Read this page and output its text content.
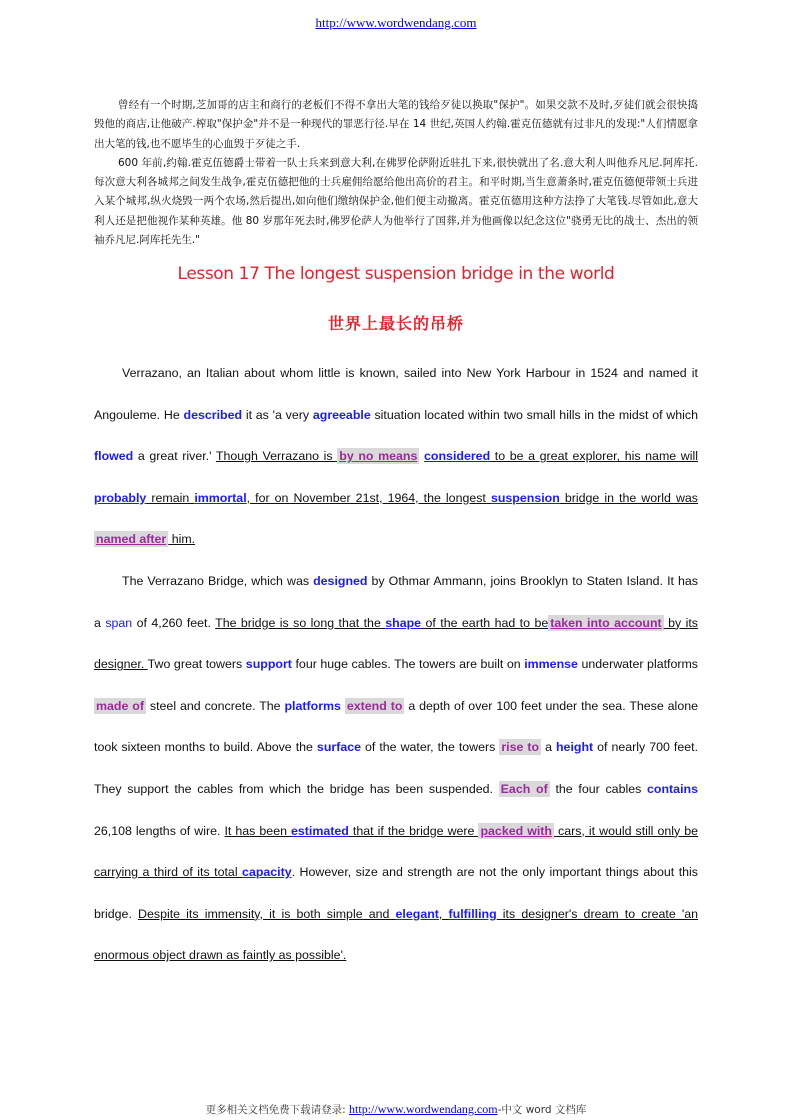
http://www.wordwendang.com

曾经有一个时期,芝加哥的店主和商行的老板们不得不拿出大笔的钱给歹徒以换取"保护"。如果交款不及时,歹徒们就会很快捣毁他的商店,让他破产.榨取"保护金"并不是一种现代的罪恶行径.早在 14 世纪,英国人约翰.霍克伍德就有过非凡的发现:"人们情愿拿出大笔的钱,也不愿毕生的心血毁于歹徒之手.

600 年前,约翰.霍克伍德爵士带着一队士兵来到意大利,在佛罗伦萨附近驻扎下来,很快就出了名.意大利人叫他乔凡尼.阿库托.每次意大利各城邦之间发生战争,霍克伍德把他的士兵雇佣给愿给他出高价的君主。和平时期,当生意萧条时,霍克伍德便带领士兵进入某个城邦,纵火烧毁一两个农场,然后提出,如向他们缴纳保护金,他们便主动撤离。霍克伍德用这种方法挣了大笔钱.尽管如此,意大利人还是把他视作某种英雄。他 80 岁那年死去时,佛罗伦萨人为他举行了国葬,并为他画像以纪念这位"骁勇无比的战士、杰出的领袖乔凡尼.阿库托先生."

Lesson 17 The longest suspension bridge in the world
世界上最长的吊桥

Verrazano, an Italian about whom little is known, sailed into New York Harbour in 1524 and named it Angouleme. He described it as 'a very agreeable situation located within two small hills in the midst of which flowed a great river.' Though Verrazano is by no means considered to be a great explorer, his name will probably remain immortal, for on November 21st, 1964, the longest suspension bridge in the world was named after him.

The Verrazano Bridge, which was designed by Othmar Ammann, joins Brooklyn to Staten Island. It has a span of 4,260 feet. The bridge is so long that the shape of the earth had to be taken into account by its designer. Two great towers support four huge cables. The towers are built on immense underwater platforms made of steel and concrete. The platforms extend to a depth of over 100 feet under the sea. These alone took sixteen months to build. Above the surface of the water, the towers rise to a height of nearly 700 feet. They support the cables from which the bridge has been suspended. Each of the four cables contains 26,108 lengths of wire. It has been estimated that if the bridge were packed with cars, it would still only be carrying a third of its total capacity. However, size and strength are not the only important things about this bridge. Despite its immensity, it is both simple and elegant, fulfilling its designer's dream to create 'an enormous object drawn as faintly as possible'.

更多相关文档免费下载请登录: http://www.wordwendang.com-中文 word 文档库
